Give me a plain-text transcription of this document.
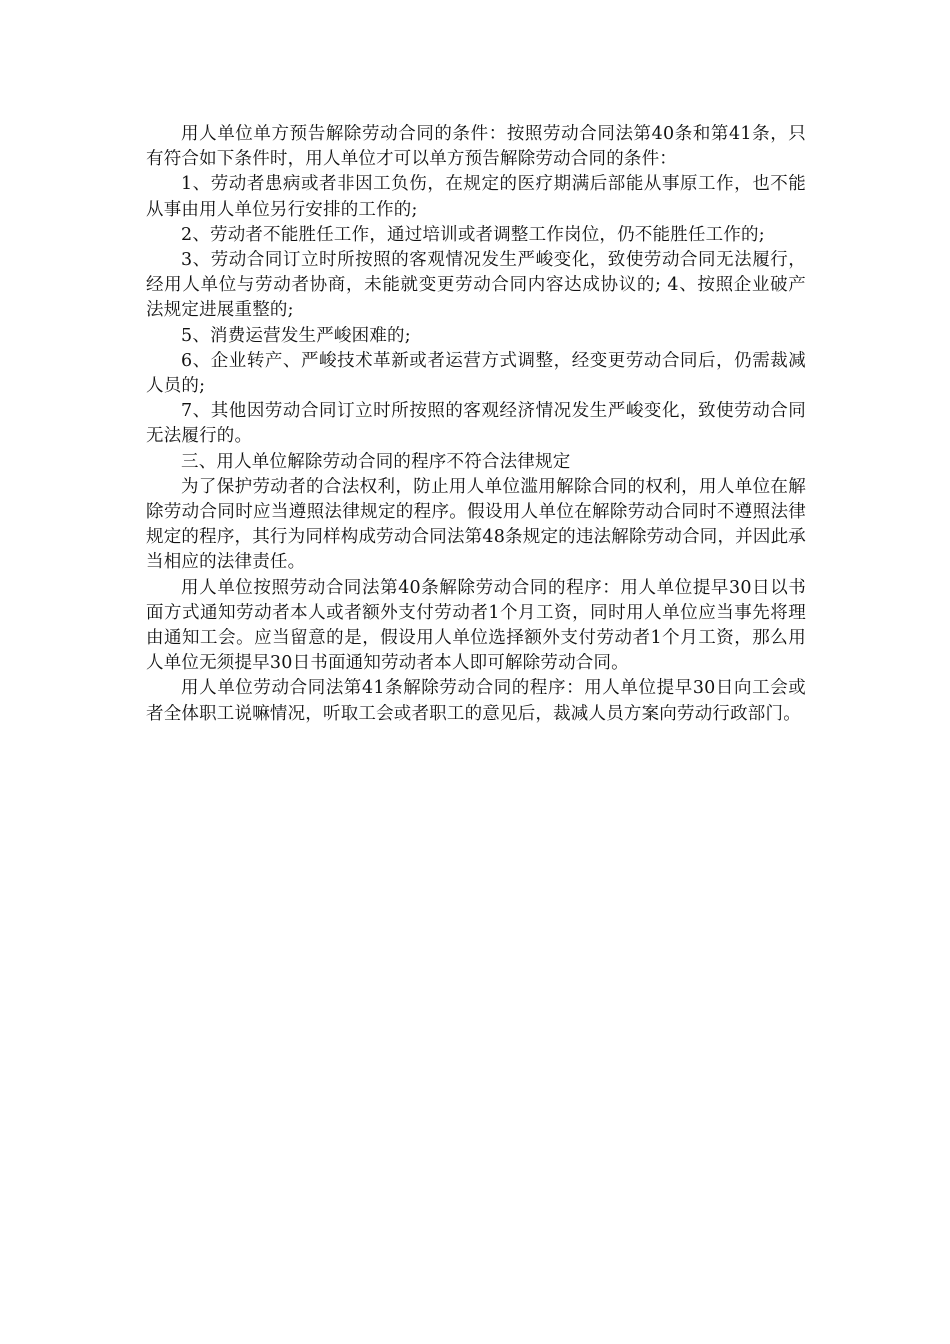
用人单位单方预告解除劳动合同的条件：按照劳动合同法第40条和第41条，只有符合如下条件时，用人单位才可以单方预告解除劳动合同的条件：

1、劳动者患病或者非因工负伤，在规定的医疗期满后部能从事原工作，也不能从事由用人单位另行安排的工作的;

2、劳动者不能胜任工作，通过培训或者调整工作岗位，仍不能胜任工作的;

3、劳动合同订立时所按照的客观情况发生严峻变化，致使劳动合同无法履行，经用人单位与劳动者协商，未能就变更劳动合同内容达成协议的; 4、按照企业破产法规定进展重整的;

5、消费运营发生严峻困难的;

6、企业转产、严峻技术革新或者运营方式调整，经变更劳动合同后，仍需裁减人员的;

7、其他因劳动合同订立时所按照的客观经济情况发生严峻变化，致使劳动合同无法履行的。

三、用人单位解除劳动合同的程序不符合法律规定

为了保护劳动者的合法权利，防止用人单位滥用解除合同的权利，用人单位在解除劳动合同时应当遵照法律规定的程序。假设用人单位在解除劳动合同时不遵照法律规定的程序，其行为同样构成劳动合同法第48条规定的违法解除劳动合同，并因此承当相应的法律责任。

用人单位按照劳动合同法第40条解除劳动合同的程序：用人单位提早30日以书面方式通知劳动者本人或者额外支付劳动者1个月工资，同时用人单位应当事先将理由通知工会。应当留意的是，假设用人单位选择额外支付劳动者1个月工资，那么用人单位无须提早30日书面通知劳动者本人即可解除劳动合同。

用人单位劳动合同法第41条解除劳动合同的程序：用人单位提早30日向工会或者全体职工说嘛情况，听取工会或者职工的意见后，裁减人员方案向劳动行政部门。
